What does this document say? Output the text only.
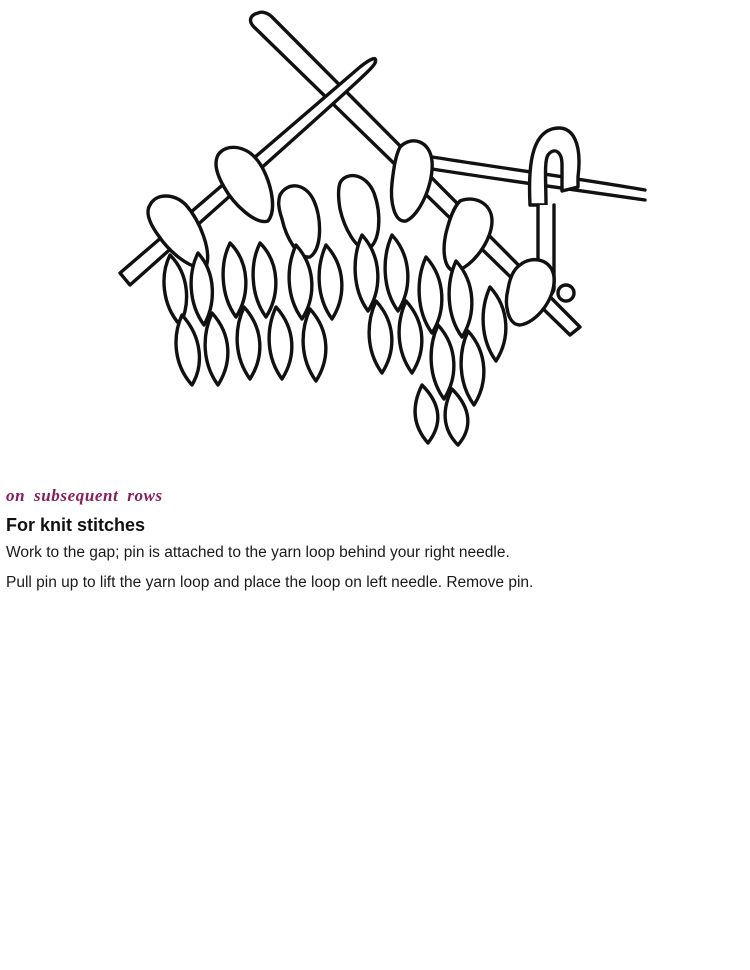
on subsequent rows
For knit stitches
Work to the gap; pin is attached to the yarn loop behind your right needle.
Pull pin up to lift the yarn loop and place the loop on left needle. Remove pin.
